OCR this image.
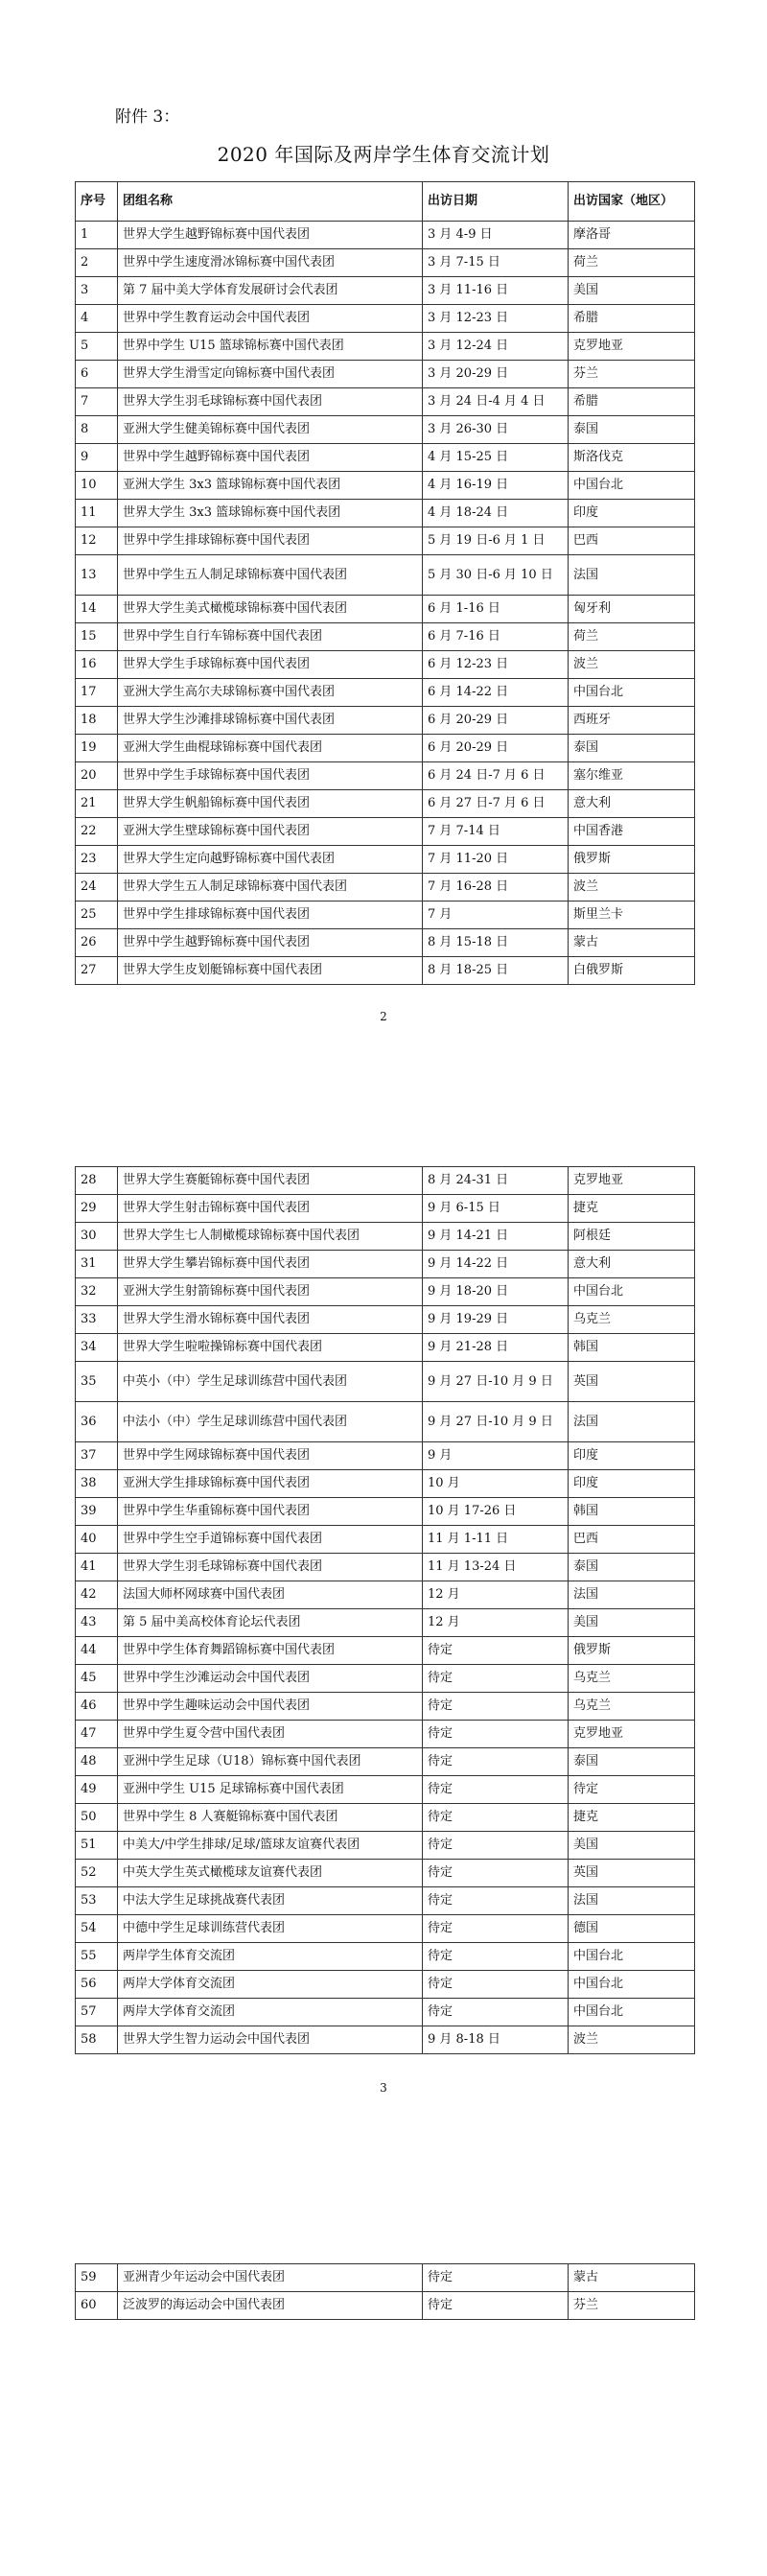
附件 3：
2020 年国际及两岸学生体育交流计划
序号	团组名称	出访日期	出访国家（地区）
1	世界大学生越野锦标赛中国代表团	3 月 4-9 日	摩洛哥
2	世界中学生速度滑冰锦标赛中国代表团	3 月 7-15 日	荷兰
3	第 7 届中美大学体育发展研讨会代表团	3 月 11-16 日	美国
4	世界中学生教育运动会中国代表团	3 月 12-23 日	希腊
5	世界中学生 U15 篮球锦标赛中国代表团	3 月 12-24 日	克罗地亚
6	世界大学生滑雪定向锦标赛中国代表团	3 月 20-29 日	芬兰
7	世界大学生羽毛球锦标赛中国代表团	3 月 24 日-4 月 4 日	希腊
8	亚洲大学生健美锦标赛中国代表团	3 月 26-30 日	泰国
9	世界中学生越野锦标赛中国代表团	4 月 15-25 日	斯洛伐克
10	亚洲大学生 3x3 篮球锦标赛中国代表团	4 月 16-19 日	中国台北
11	世界大学生 3x3 篮球锦标赛中国代表团	4 月 18-24 日	印度
12	世界中学生排球锦标赛中国代表团	5 月 19 日-6 月 1 日	巴西
13	世界中学生五人制足球锦标赛中国代表团	5 月 30 日-6 月 10 日	法国
14	世界大学生美式橄榄球锦标赛中国代表团	6 月 1-16 日	匈牙利
15	世界中学生自行车锦标赛中国代表团	6 月 7-16 日	荷兰
16	世界大学生手球锦标赛中国代表团	6 月 12-23 日	波兰
17	亚洲大学生高尔夫球锦标赛中国代表团	6 月 14-22 日	中国台北
18	世界大学生沙滩排球锦标赛中国代表团	6 月 20-29 日	西班牙
19	亚洲大学生曲棍球锦标赛中国代表团	6 月 20-29 日	泰国
20	世界中学生手球锦标赛中国代表团	6 月 24 日-7 月 6 日	塞尔维亚
21	世界大学生帆船锦标赛中国代表团	6 月 27 日-7 月 6 日	意大利
22	亚洲大学生壁球锦标赛中国代表团	7 月 7-14 日	中国香港
23	世界大学生定向越野锦标赛中国代表团	7 月 11-20 日	俄罗斯
24	世界大学生五人制足球锦标赛中国代表团	7 月 16-28 日	波兰
25	世界中学生排球锦标赛中国代表团	7 月	斯里兰卡
26	世界中学生越野锦标赛中国代表团	8 月 15-18 日	蒙古
27	世界大学生皮划艇锦标赛中国代表团	8 月 18-25 日	白俄罗斯
2
28	世界大学生赛艇锦标赛中国代表团	8 月 24-31 日	克罗地亚
29	世界大学生射击锦标赛中国代表团	9 月 6-15 日	捷克
30	世界大学生七人制橄榄球锦标赛中国代表团	9 月 14-21 日	阿根廷
31	世界大学生攀岩锦标赛中国代表团	9 月 14-22 日	意大利
32	亚洲大学生射箭锦标赛中国代表团	9 月 18-20 日	中国台北
33	世界大学生滑水锦标赛中国代表团	9 月 19-29 日	乌克兰
34	世界大学生啦啦操锦标赛中国代表团	9 月 21-28 日	韩国
35	中英小（中）学生足球训练营中国代表团	9 月 27 日-10 月 9 日	英国
36	中法小（中）学生足球训练营中国代表团	9 月 27 日-10 月 9 日	法国
37	世界中学生网球锦标赛中国代表团	9 月	印度
38	亚洲大学生排球锦标赛中国代表团	10 月	印度
39	世界中学生华重锦标赛中国代表团	10 月 17-26 日	韩国
40	世界中学生空手道锦标赛中国代表团	11 月 1-11 日	巴西
41	世界大学生羽毛球锦标赛中国代表团	11 月 13-24 日	泰国
42	法国大师杯网球赛中国代表团	12 月	法国
43	第 5 届中美高校体育论坛代表团	12 月	美国
44	世界中学生体育舞蹈锦标赛中国代表团	待定	俄罗斯
45	世界中学生沙滩运动会中国代表团	待定	乌克兰
46	世界中学生趣味运动会中国代表团	待定	乌克兰
47	世界中学生夏令营中国代表团	待定	克罗地亚
48	亚洲中学生足球（U18）锦标赛中国代表团	待定	泰国
49	亚洲中学生 U15 足球锦标赛中国代表团	待定	待定
50	世界中学生 8 人赛艇锦标赛中国代表团	待定	捷克
51	中美大/中学生排球/足球/篮球友谊赛代表团	待定	美国
52	中英大学生英式橄榄球友谊赛代表团	待定	英国
53	中法大学生足球挑战赛代表团	待定	法国
54	中德中学生足球训练营代表团	待定	德国
55	两岸学生体育交流团	待定	中国台北
56	两岸大学体育交流团	待定	中国台北
57	两岸大学体育交流团	待定	中国台北
58	世界大学生智力运动会中国代表团	9 月 8-18 日	波兰
3
59	亚洲青少年运动会中国代表团	待定	蒙古
60	泛波罗的海运动会中国代表团	待定	芬兰
